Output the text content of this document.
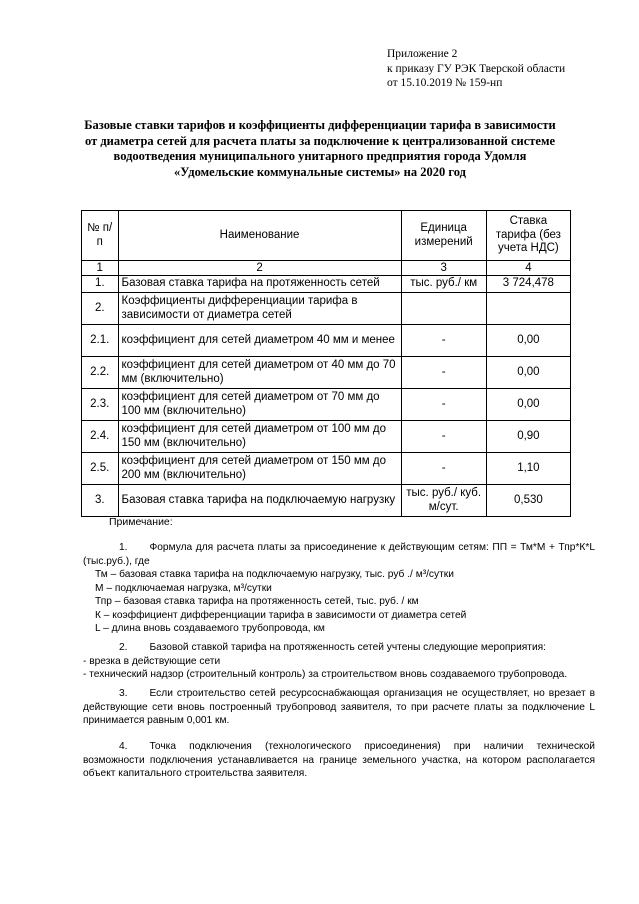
Приложение 2
к приказу ГУ РЭК Тверской области
от 15.10.2019 № 159-нп
Базовые ставки тарифов и коэффициенты дифференциации тарифа в зависимости от диаметра сетей для расчета платы за подключение к централизованной системе водоотведения муниципального унитарного предприятия города Удомля «Удомельские коммунальные системы» на 2020 год
№ п/п	Наименование	Единица измерений	Ставка тарифа (без учета НДС)
1	2	3	4
1.	Базовая ставка тарифа на протяженность сетей	тыс. руб./ км	3 724,478
2.	Коэффициенты дифференциации тарифа в зависимости от диаметра сетей		
2.1.	коэффициент для сетей диаметром 40 мм и менее	-	0,00
2.2.	коэффициент для сетей диаметром от 40 мм до 70 мм (включительно)	-	0,00
2.3.	коэффициент для сетей диаметром от 70 мм до 100 мм (включительно)	-	0,00
2.4.	коэффициент для сетей диаметром от 100 мм до 150 мм (включительно)	-	0,90
2.5.	коэффициент для сетей диаметром от 150 мм до 200 мм (включительно)	-	1,10
3.	Базовая ставка тарифа на подключаемую нагрузку	тыс. руб./ куб. м/сут.	0,530
Примечание:
1. Формула для расчета платы за присоединение к действующим сетям: ПП = Тм*М + Тпр*К*L (тыс.руб.), где
Тм – базовая ставка тарифа на подключаемую нагрузку, тыс. руб ./ м³/сутки
М – подключаемая нагрузка, м³/сутки
Тпр – базовая ставка тарифа на протяженность сетей, тыс. руб. / км
К – коэффициент дифференциации тарифа в зависимости от диаметра сетей
L – длина вновь создаваемого трубопровода, км
2. Базовой ставкой тарифа на протяженность сетей учтены следующие мероприятия:
- врезка в действующие сети
- технический надзор (строительный контроль) за строительством вновь создаваемого трубопровода.
3. Если строительство сетей ресурсоснабжающая организация не осуществляет, но врезает в действующие сети вновь построенный трубопровод заявителя, то при расчете платы за подключение L принимается равным 0,001 км.
4. Точка подключения (технологического присоединения) при наличии технической возможности подключения устанавливается на границе земельного участка, на котором располагается объект капитального строительства заявителя.
